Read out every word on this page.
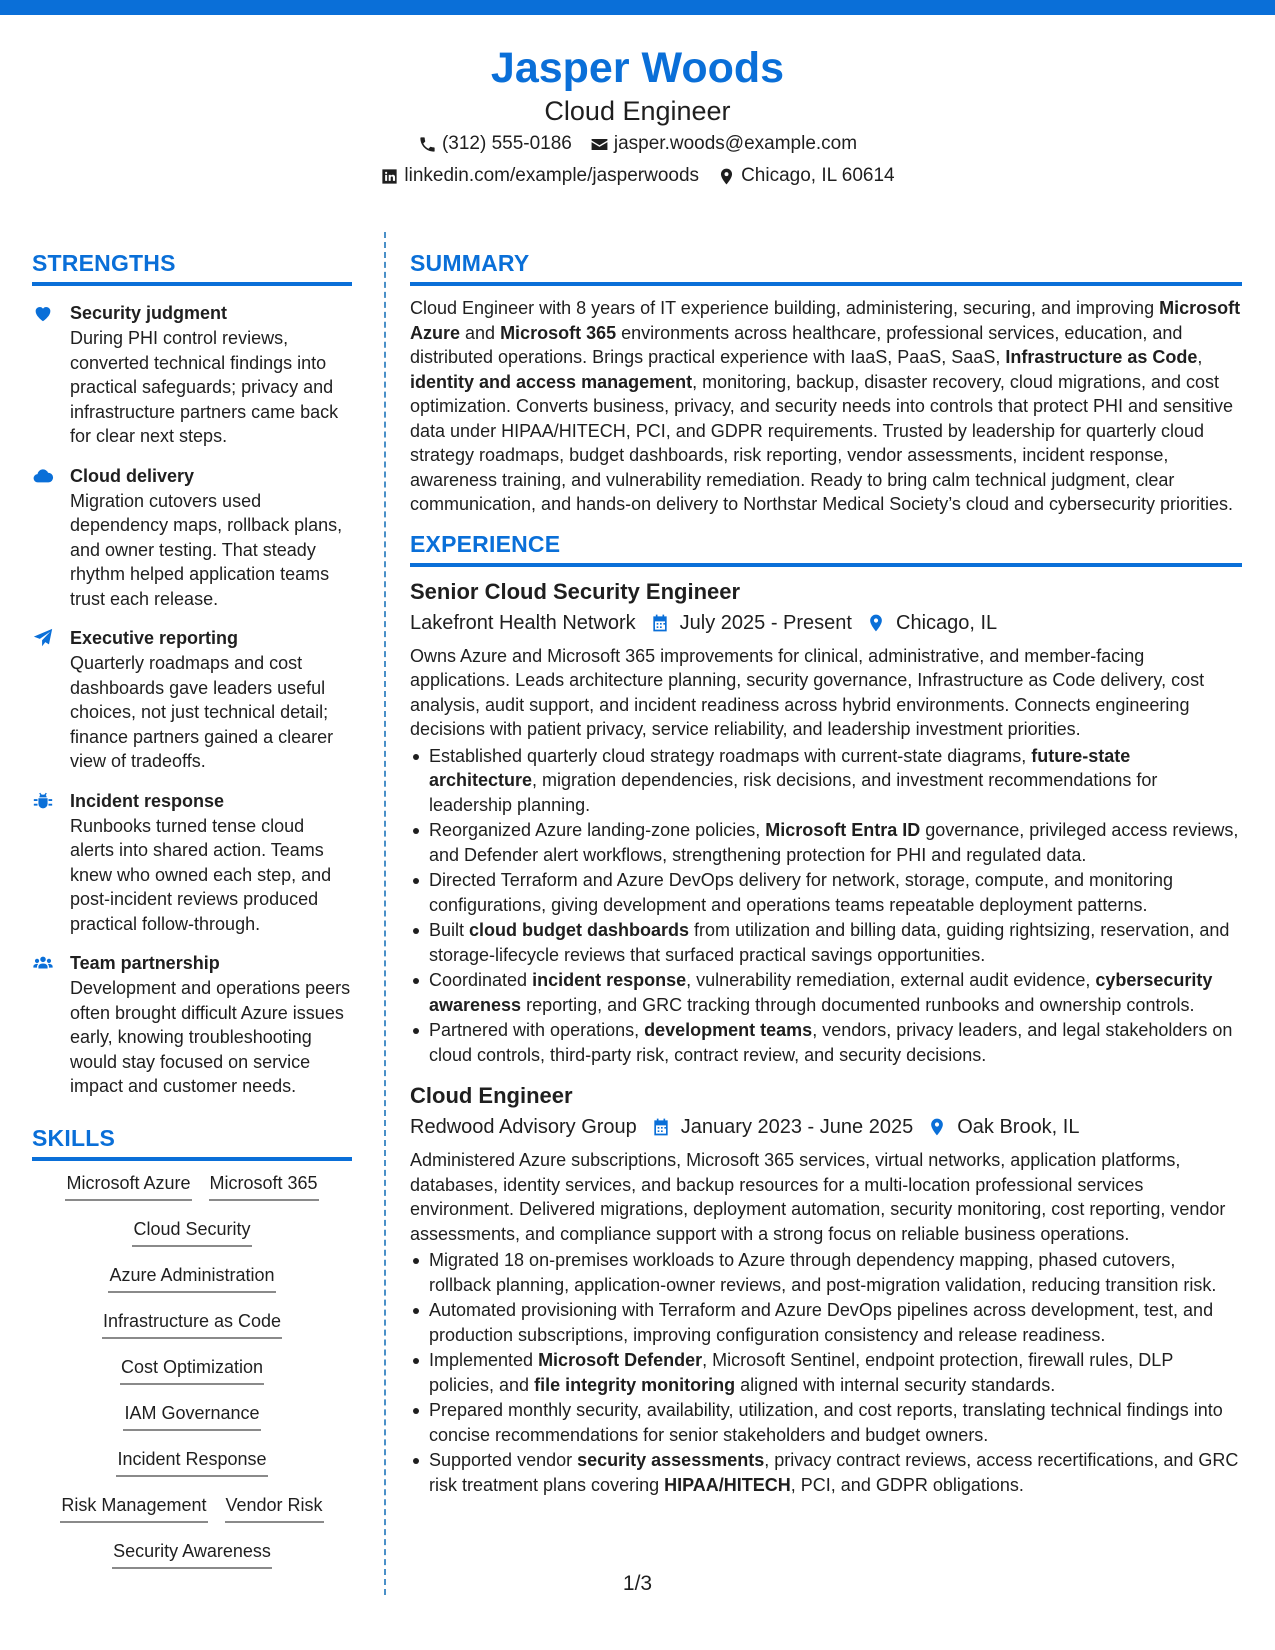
Jasper Woods
Cloud Engineer
(312) 555-0186 jasper.woods@example.com
linkedin.com/example/jasperwoods Chicago, IL 60614
STRENGTHS
Security judgment
During PHI control reviews, converted technical findings into practical safeguards; privacy and infrastructure partners came back for clear next steps.
Cloud delivery
Migration cutovers used dependency maps, rollback plans, and owner testing. That steady rhythm helped application teams trust each release.
Executive reporting
Quarterly roadmaps and cost dashboards gave leaders useful choices, not just technical detail; finance partners gained a clearer view of tradeoffs.
Incident response
Runbooks turned tense cloud alerts into shared action. Teams knew who owned each step, and post-incident reviews produced practical follow-through.
Team partnership
Development and operations peers often brought difficult Azure issues early, knowing troubleshooting would stay focused on service impact and customer needs.
SKILLS
Microsoft Azure Microsoft 365
Cloud Security
Azure Administration
Infrastructure as Code
Cost Optimization
IAM Governance
Incident Response
Risk Management Vendor Risk
Security Awareness
SUMMARY
Cloud Engineer with 8 years of IT experience building, administering, securing, and improving Microsoft Azure and Microsoft 365 environments across healthcare, professional services, education, and distributed operations. Brings practical experience with IaaS, PaaS, SaaS, Infrastructure as Code, identity and access management, monitoring, backup, disaster recovery, cloud migrations, and cost optimization. Converts business, privacy, and security needs into controls that protect PHI and sensitive data under HIPAA/HITECH, PCI, and GDPR requirements. Trusted by leadership for quarterly cloud strategy roadmaps, budget dashboards, risk reporting, vendor assessments, incident response, awareness training, and vulnerability remediation. Ready to bring calm technical judgment, clear communication, and hands-on delivery to Northstar Medical Society’s cloud and cybersecurity priorities.
EXPERIENCE
Senior Cloud Security Engineer
Lakefront Health Network July 2025 - Present Chicago, IL
Owns Azure and Microsoft 365 improvements for clinical, administrative, and member-facing applications. Leads architecture planning, security governance, Infrastructure as Code delivery, cost analysis, audit support, and incident readiness across hybrid environments. Connects engineering decisions with patient privacy, service reliability, and leadership investment priorities.
Established quarterly cloud strategy roadmaps with current-state diagrams, future-state architecture, migration dependencies, risk decisions, and investment recommendations for leadership planning.
Reorganized Azure landing-zone policies, Microsoft Entra ID governance, privileged access reviews, and Defender alert workflows, strengthening protection for PHI and regulated data.
Directed Terraform and Azure DevOps delivery for network, storage, compute, and monitoring configurations, giving development and operations teams repeatable deployment patterns.
Built cloud budget dashboards from utilization and billing data, guiding rightsizing, reservation, and storage-lifecycle reviews that surfaced practical savings opportunities.
Coordinated incident response, vulnerability remediation, external audit evidence, cybersecurity awareness reporting, and GRC tracking through documented runbooks and ownership controls.
Partnered with operations, development teams, vendors, privacy leaders, and legal stakeholders on cloud controls, third-party risk, contract review, and security decisions.
Cloud Engineer
Redwood Advisory Group January 2023 - June 2025 Oak Brook, IL
Administered Azure subscriptions, Microsoft 365 services, virtual networks, application platforms, databases, identity services, and backup resources for a multi-location professional services environment. Delivered migrations, deployment automation, security monitoring, cost reporting, vendor assessments, and compliance support with a strong focus on reliable business operations.
Migrated 18 on-premises workloads to Azure through dependency mapping, phased cutovers, rollback planning, application-owner reviews, and post-migration validation, reducing transition risk.
Automated provisioning with Terraform and Azure DevOps pipelines across development, test, and production subscriptions, improving configuration consistency and release readiness.
Implemented Microsoft Defender, Microsoft Sentinel, endpoint protection, firewall rules, DLP policies, and file integrity monitoring aligned with internal security standards.
Prepared monthly security, availability, utilization, and cost reports, translating technical findings into concise recommendations for senior stakeholders and budget owners.
Supported vendor security assessments, privacy contract reviews, access recertifications, and GRC risk treatment plans covering HIPAA/HITECH, PCI, and GDPR obligations.
1/3
